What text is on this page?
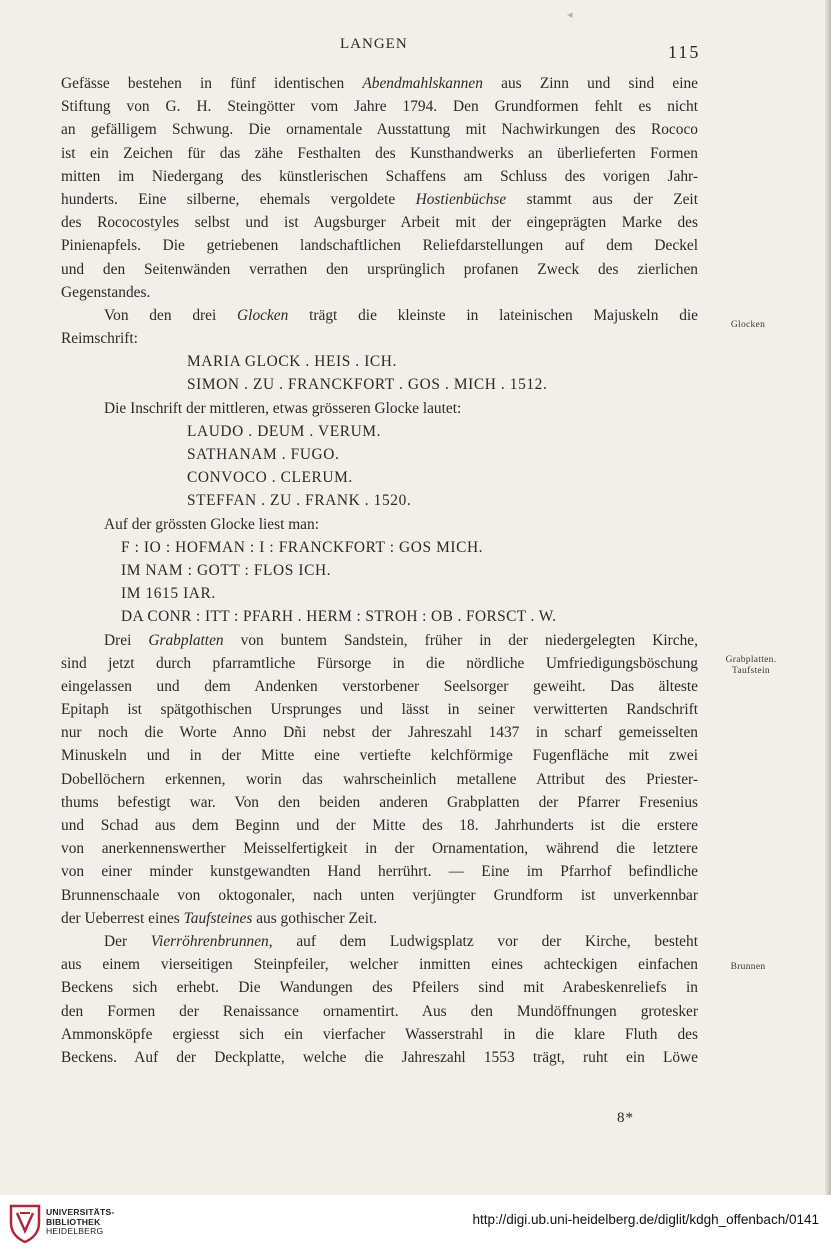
◂
LANGEN	115
Gefässe bestehen in fünf identischen Abendmahlskannen aus Zinn und sind eine
Stiftung von G. H. Steingötter vom Jahre 1794. Den Grundformen fehlt es nicht
an gefälligem Schwung. Die ornamentale Ausstattung mit Nachwirkungen des Rococo
ist ein Zeichen für das zähe Festhalten des Kunsthandwerks an überlieferten Formen
mitten im Niedergang des künstlerischen Schaffens am Schluss des vorigen Jahr-
hunderts. Eine silberne, ehemals vergoldete Hostienbüchse stammt aus der Zeit
des Rococostyles selbst und ist Augsburger Arbeit mit der eingeprägten Marke des
Pinienapfels. Die getriebenen landschaftlichen Reliefdarstellungen auf dem Deckel
und den Seitenwänden verrathen den ursprünglich profanen Zweck des zierlichen
Gegenstandes.
Von den drei Glocken trägt die kleinste in lateinischen Majuskeln die
Reimschrift:
MARIA GLOCK . HEIS . ICH.
SIMON . ZU . FRANCKFORT . GOS . MICH . 1512.
Die Inschrift der mittleren, etwas grösseren Glocke lautet:
LAUDO . DEUM . VERUM.
SATHANAM . FUGO.
CONVOCO . CLERUM.
STEFFAN . ZU . FRANK . 1520.
Auf der grössten Glocke liest man:
F : IO : HOFMAN : I : FRANCKFORT : GOS MICH.
IM NAM : GOTT : FLOS ICH.
IM 1615 IAR.
DA CONR : ITT : PFARH . HERM : STROH : OB . FORSCT . W.
Drei Grabplatten von buntem Sandstein, früher in der niedergelegten Kirche,
sind jetzt durch pfarramtliche Fürsorge in die nördliche Umfriedigungsböschung
eingelassen und dem Andenken verstorbener Seelsorger geweiht. Das älteste
Epitaph ist spätgothischen Ursprunges und lässt in seiner verwitterten Randschrift
nur noch die Worte Anno Dñi nebst der Jahreszahl 1437 in scharf gemeisselten
Minuskeln und in der Mitte eine vertiefte kelchförmige Fugenfläche mit zwei
Dobellöchern erkennen, worin das wahrscheinlich metallene Attribut des Priester-
thums befestigt war. Von den beiden anderen Grabplatten der Pfarrer Fresenius
und Schad aus dem Beginn und der Mitte des 18. Jahrhunderts ist die erstere
von anerkennenswerther Meisselfertigkeit in der Ornamentation, während die letztere
von einer minder kunstgewandten Hand herrührt. — Eine im Pfarrhof befindliche
Brunnenschaale von oktogonaler, nach unten verjüngter Grundform ist unverkennbar
der Ueberrest eines Taufsteines aus gothischer Zeit.
Der Vierröhrenbrunnen, auf dem Ludwigsplatz vor der Kirche, besteht
aus einem vierseitigen Steinpfeiler, welcher inmitten eines achteckigen einfachen
Beckens sich erhebt. Die Wandungen des Pfeilers sind mit Arabeskenreliefs in
den Formen der Renaissance ornamentirt. Aus den Mundöffnungen grotesker
Ammonsköpfe ergiesst sich ein vierfacher Wasserstrahl in die klare Fluth des
Beckens. Auf der Deckplatte, welche die Jahreszahl 1553 trägt, ruht ein Löwe
8*
Glocken
Grabplatten.
Taufstein
Brunnen
UNIVERSITÄTS-
BIBLIOTHEK
HEIDELBERG
http://digi.ub.uni-heidelberg.de/diglit/kdgh_offenbach/0141
